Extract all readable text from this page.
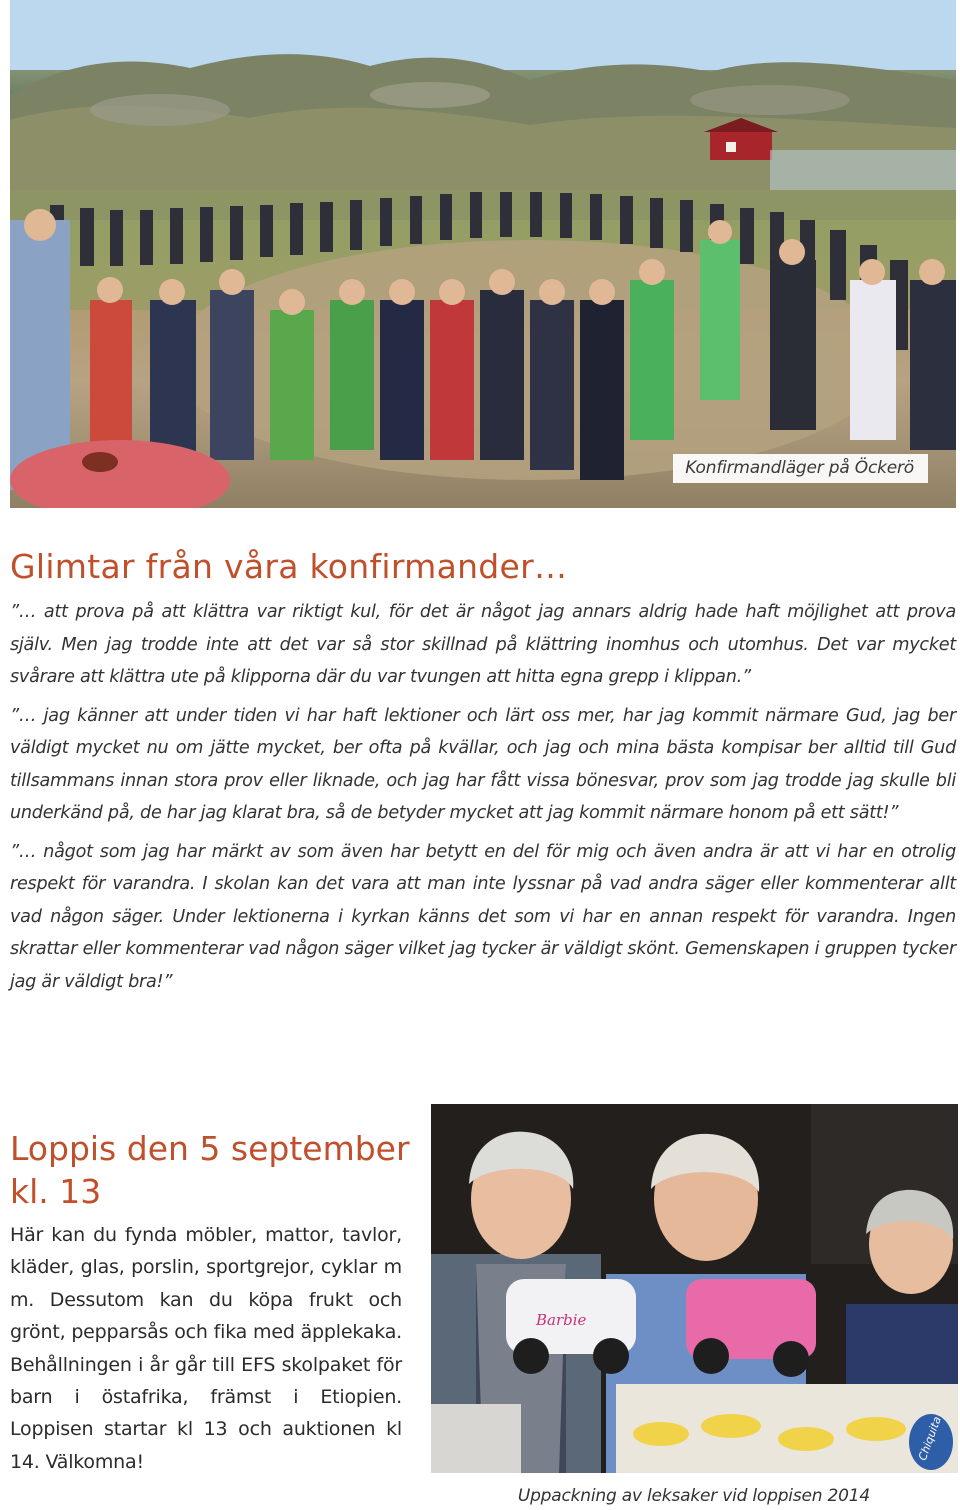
Konfirmandläger på Öckerö
Glimtar från våra konfirmander…

”… att prova på att klättra var riktigt kul, för det är något jag annars aldrig hade haft möjlighet att prova själv. Men jag trodde inte att det var så stor skillnad på klättring inomhus och utomhus. Det var mycket svårare att klättra ute på klipporna där du var tvungen att hitta egna grepp i klippan.”

”… jag känner att under tiden vi har haft lektioner och lärt oss mer, har jag kommit närmare Gud, jag ber väldigt mycket nu om jätte mycket, ber ofta på kvällar, och jag och mina bästa kompisar ber alltid till Gud tillsammans innan stora prov eller liknade, och jag har fått vissa bönesvar, prov som jag trodde jag skulle bli underkänd på, de har jag klarat bra, så de betyder mycket att jag kommit närmare honom på ett sätt!”

”… något som jag har märkt av som även har betytt en del för mig och även andra är att vi har en otrolig respekt för varandra. I skolan kan det vara att man inte lyssnar på vad andra säger eller kommenterar allt vad någon säger. Under lektionerna i kyrkan känns det som vi har en annan respekt för varandra. Ingen skrattar eller kommenterar vad någon säger vilket jag tycker är väldigt skönt. Gemenskapen i gruppen tycker jag är väldigt bra!”

Loppis den 5 september kl. 13

Här kan du fynda möbler, mattor, tavlor, kläder, glas, porslin, sportgrejor, cyklar m m. Dessutom kan du köpa frukt och grönt, pepparsås och fika med äpplekaka. Behållningen i år går till EFS skolpaket för barn i östafrika, främst i Etiopien. Loppisen startar kl 13 och auktionen kl 14. Välkomna!

Barbie
Chiquita
Uppackning av leksaker vid loppisen 2014
